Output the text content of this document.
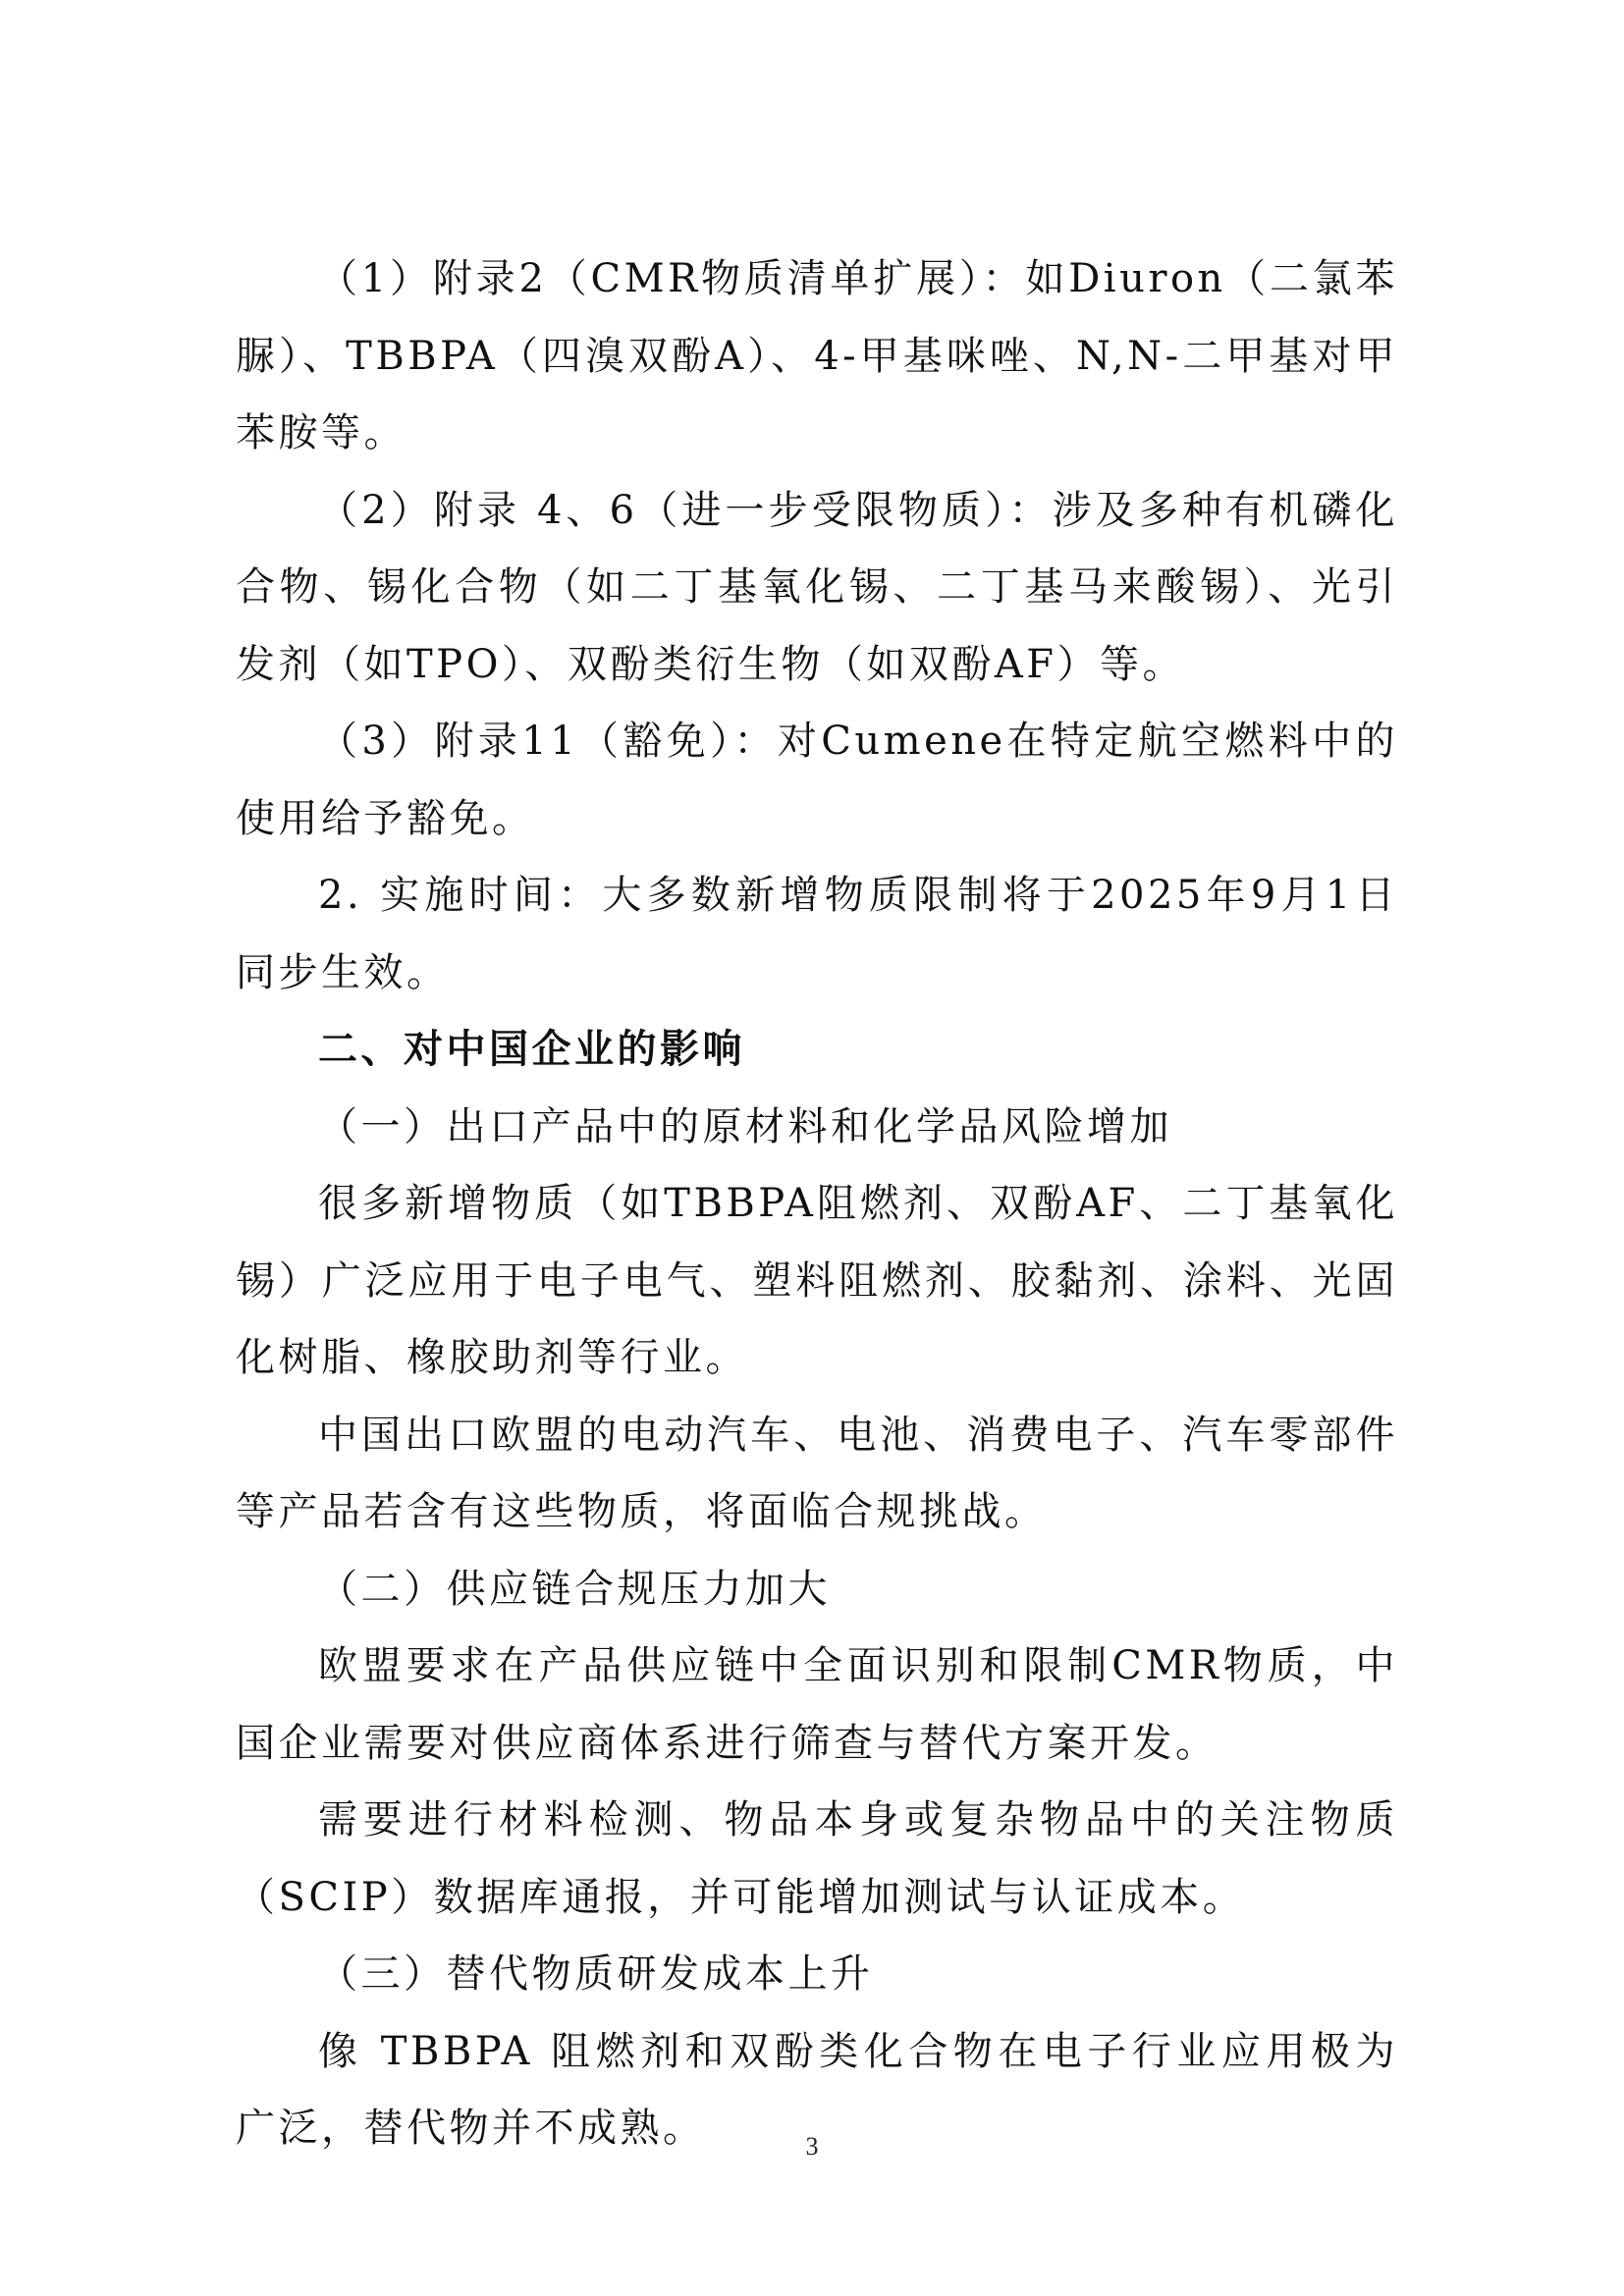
（1）附录2（CMR物质清单扩展）：如Diuron（二氯苯脲）、TBBPA（四溴双酚A）、4-甲基咪唑、N,N-二甲基对甲苯胺等。

（2）附录 4、6（进一步受限物质）：涉及多种有机磷化合物、锡化合物（如二丁基氧化锡、二丁基马来酸锡）、光引发剂（如TPO）、双酚类衍生物（如双酚AF）等。

（3）附录11（豁免）：对Cumene在特定航空燃料中的使用给予豁免。

2. 实施时间：大多数新增物质限制将于2025年9月1日同步生效。

二、对中国企业的影响

（一）出口产品中的原材料和化学品风险增加

很多新增物质（如TBBPA阻燃剂、双酚AF、二丁基氧化锡）广泛应用于电子电气、塑料阻燃剂、胶黏剂、涂料、光固化树脂、橡胶助剂等行业。

中国出口欧盟的电动汽车、电池、消费电子、汽车零部件等产品若含有这些物质，将面临合规挑战。

（二）供应链合规压力加大

欧盟要求在产品供应链中全面识别和限制CMR物质，中国企业需要对供应商体系进行筛查与替代方案开发。

需要进行材料检测、物品本身或复杂物品中的关注物质（SCIP）数据库通报，并可能增加测试与认证成本。

（三）替代物质研发成本上升

像 TBBPA 阻燃剂和双酚类化合物在电子行业应用极为广泛，替代物并不成熟。	3
